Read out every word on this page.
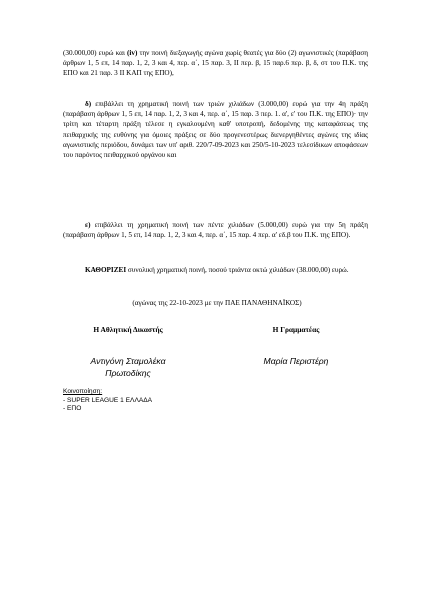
(30.000,00) ευρώ και (iv) την ποινή διεξαγωγής αγώνα χωρίς θεατές για δύο (2) αγωνιστικές (παράβαση άρθρων 1, 5 επ, 14 παρ. 1, 2, 3 και 4, περ. α΄, 15 παρ. 3, ΙΙ περ. β, 15 παρ.6 περ. β, δ, στ του Π.Κ. της ΕΠΟ και 21 παρ. 3 ΙΙ ΚΑΠ της ΕΠΟ),

δ) επιβάλλει τη χρηματική ποινή των τριών χιλιάδων (3.000,00) ευρώ για την 4η πράξη (παράβαση άρθρων 1, 5 επ, 14 παρ. 1, 2, 3 και 4, περ. α΄, 15 παρ. 3 περ. 1. α', ε' του Π.Κ. της ΕΠΟ)· την τρίτη και τέταρτη πράξη τέλεσε η εγκαλουμένη καθ' υποτροπή, δεδομένης της καταφάσεως της πειθαρχικής της ευθύνης για όμοιες πράξεις σε δύο προγενεστέρως διενεργηθέντες αγώνες της ιδίας αγωνιστικής περιόδου, δυνάμει των υπ' αριθ. 220/7-09-2023 και 250/5-10-2023 τελεσίδικων αποφάσεων του παρόντος πειθαρχικού οργάνου και

ε) επιβάλλει τη χρηματική ποινή των πέντε χιλιάδων (5.000,00) ευρώ για την 5η πράξη (παράβαση άρθρων 1, 5 επ, 14 παρ. 1, 2, 3 και 4, περ. α΄, 15 παρ. 4 περ. α' εδ.β του Π.Κ. της ΕΠΟ).

ΚΑΘΟΡΙΖΕΙ συνολική χρηματική ποινή, ποσού τριάντα οκτώ χιλιάδων (38.000,00) ευρώ.

(αγώνας της 22-10-2023 με την ΠΑΕ ΠΑΝΑΘΗΝΑΪΚΟΣ)
Η Αθλητική Δικαστής	Η Γραμματέας
Αντιγόνη Σταμολέκα
Πρωτοδίκης
Μαρία Περιστέρη
Κοινοποίηση:
- SUPER LEAGUE 1 ΕΛΛΑΔΑ
- ΕΠΟ
